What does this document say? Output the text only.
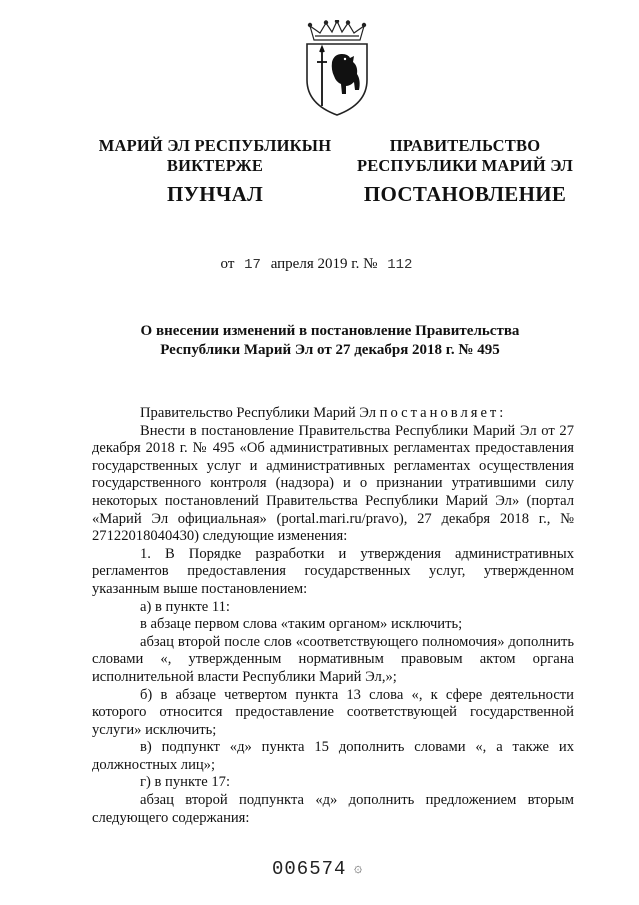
МАРИЙ ЭЛ РЕСПУБЛИКЫН
ВИКТЕРЖЕ
ПУНЧАЛ
ПРАВИТЕЛЬСТВО
РЕСПУБЛИКИ МАРИЙ ЭЛ
ПОСТАНОВЛЕНИЕ
от 17 апреля 2019 г. № 112
О внесении изменений в постановление Правительства
Республики Марий Эл от 27 декабря 2018 г. № 495

Правительство Республики Марий Эл постановляет:

Внести в постановление Правительства Республики Марий Эл от 27 декабря 2018 г. № 495 «Об административных регламентах предоставления государственных услуг и административных регламентах осуществления государственного контроля (надзора) и о признании утратившими силу некоторых постановлений Правительства Республики Марий Эл» (портал «Марий Эл официальная» (portal.mari.ru/pravo), 27 декабря 2018 г., № 27122018040430) следующие изменения:

1. В Порядке разработки и утверждения административных регламентов предоставления государственных услуг, утвержденном указанным выше постановлением:

а) в пункте 11:

в абзаце первом слова «таким органом» исключить;

абзац второй после слов «соответствующего полномочия» дополнить словами «, утвержденным нормативным правовым актом органа исполнительной власти Республики Марий Эл,»;

б) в абзаце четвертом пункта 13 слова «, к сфере деятельности которого относится предоставление соответствующей государственной услуги» исключить;

в) подпункт «д» пункта 15 дополнить словами «, а также их должностных лиц»;

г) в пункте 17:

абзац второй подпункта «д» дополнить предложением вторым следующего содержания:

006574 ۞
